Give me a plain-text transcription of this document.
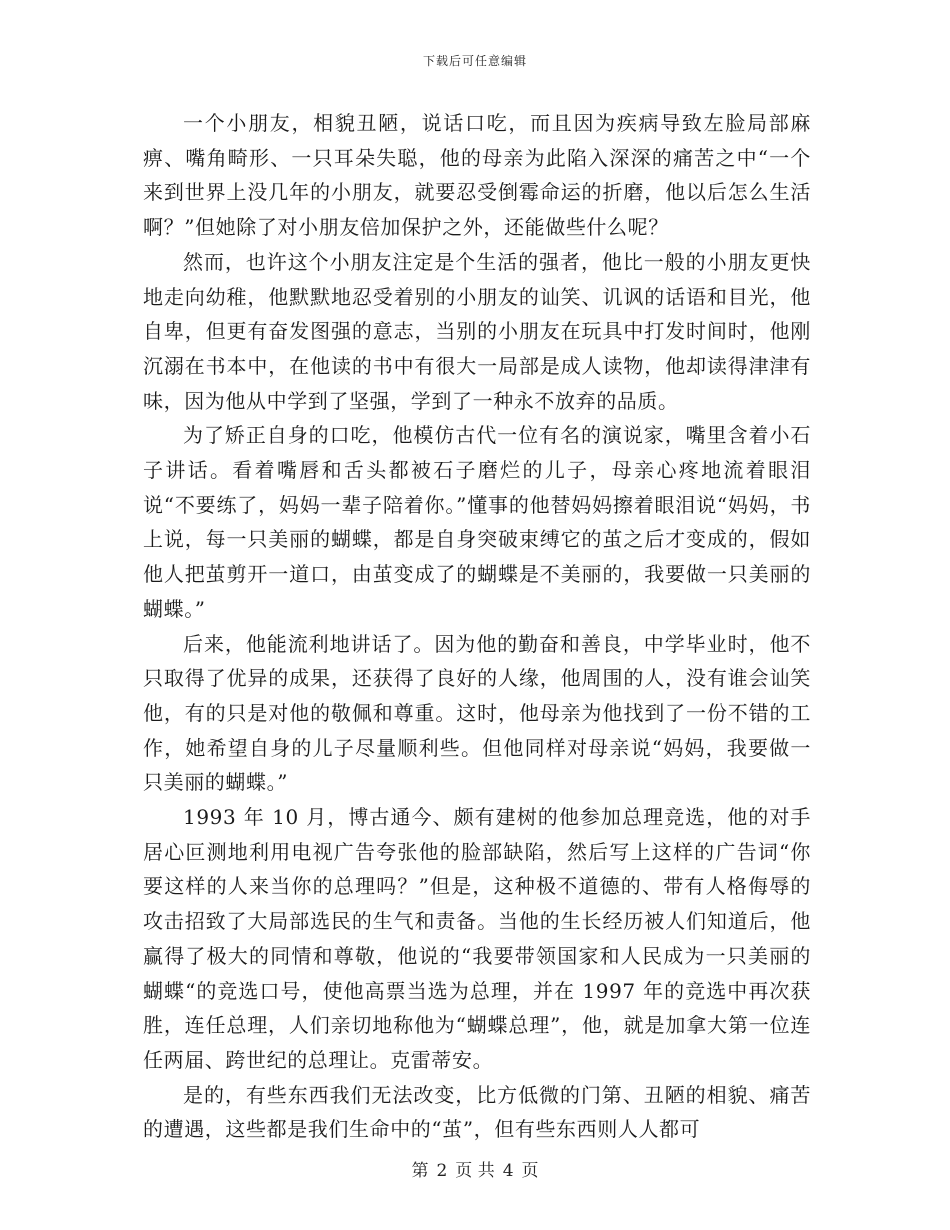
下载后可任意编辑

一个小朋友，相貌丑陋，说话口吃，而且因为疾病导致左脸局部麻痹、嘴角畸形、一只耳朵失聪，他的母亲为此陷入深深的痛苦之中“一个来到世界上没几年的小朋友，就要忍受倒霉命运的折磨，他以后怎么生活啊？”但她除了对小朋友倍加保护之外，还能做些什么呢？

然而，也许这个小朋友注定是个生活的强者，他比一般的小朋友更快地走向幼稚，他默默地忍受着别的小朋友的讪笑、讥讽的话语和目光，他自卑，但更有奋发图强的意志，当别的小朋友在玩具中打发时间时，他刚沉溺在书本中，在他读的书中有很大一局部是成人读物，他却读得津津有味，因为他从中学到了坚强，学到了一种永不放弃的品质。

为了矫正自身的口吃，他模仿古代一位有名的演说家，嘴里含着小石子讲话。看着嘴唇和舌头都被石子磨烂的儿子，母亲心疼地流着眼泪说“不要练了，妈妈一辈子陪着你。”懂事的他替妈妈擦着眼泪说“妈妈，书上说，每一只美丽的蝴蝶，都是自身突破束缚它的茧之后才变成的，假如他人把茧剪开一道口，由茧变成了的蝴蝶是不美丽的，我要做一只美丽的蝴蝶。”

后来，他能流利地讲话了。因为他的勤奋和善良，中学毕业时，他不只取得了优异的成果，还获得了良好的人缘，他周围的人，没有谁会讪笑他，有的只是对他的敬佩和尊重。这时，他母亲为他找到了一份不错的工作，她希望自身的儿子尽量顺利些。但他同样对母亲说“妈妈，我要做一只美丽的蝴蝶。”

1993 年 10 月，博古通今、颇有建树的他参加总理竞选，他的对手居心叵测地利用电视广告夸张他的脸部缺陷，然后写上这样的广告词“你要这样的人来当你的总理吗？”但是，这种极不道德的、带有人格侮辱的攻击招致了大局部选民的生气和责备。当他的生长经历被人们知道后，他赢得了极大的同情和尊敬，他说的“我要带领国家和人民成为一只美丽的蝴蝶“的竞选口号，使他高票当选为总理，并在 1997 年的竞选中再次获胜，连任总理，人们亲切地称他为“蝴蝶总理”，他，就是加拿大第一位连任两届、跨世纪的总理让。克雷蒂安。

是的，有些东西我们无法改变，比方低微的门第、丑陋的相貌、痛苦的遭遇，这些都是我们生命中的“茧”，但有些东西则人人都可

第 2 页 共 4 页
